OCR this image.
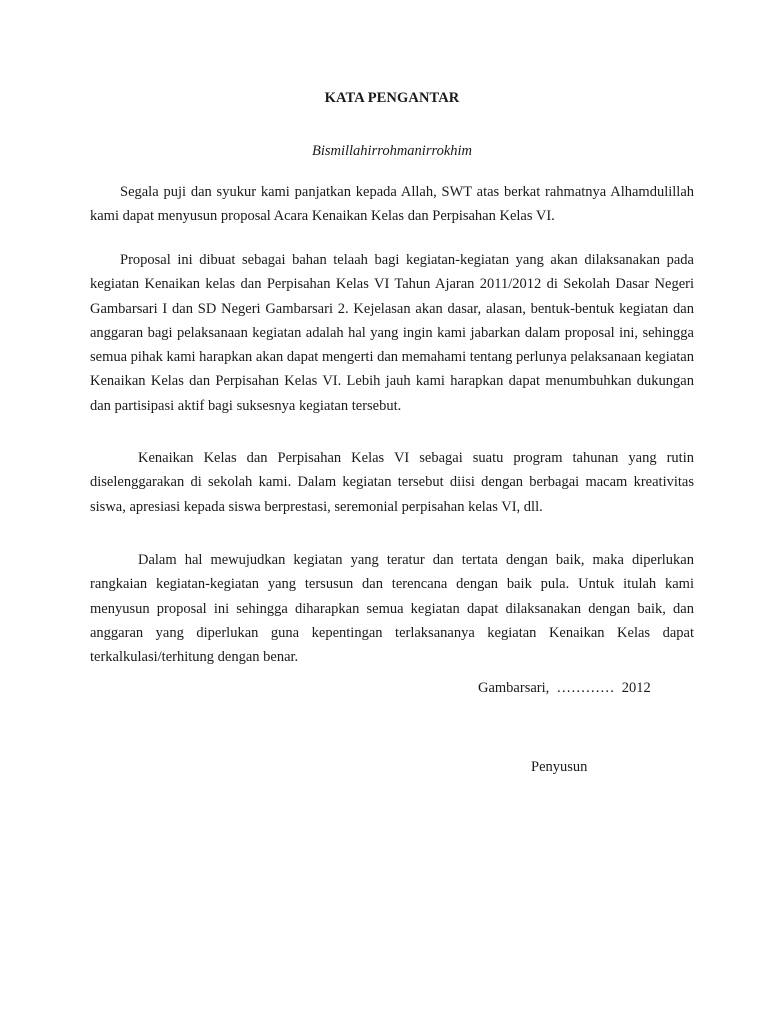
KATA PENGANTAR
Bismillahirrohmanirrokhim

Segala puji dan syukur kami panjatkan kepada Allah, SWT atas berkat rahmatnya Alhamdulillah kami dapat menyusun proposal Acara Kenaikan Kelas dan Perpisahan Kelas VI.

Proposal ini dibuat sebagai bahan telaah bagi kegiatan-kegiatan yang akan dilaksanakan pada kegiatan Kenaikan kelas dan Perpisahan Kelas VI Tahun Ajaran 2011/2012 di Sekolah Dasar Negeri Gambarsari I dan SD Negeri Gambarsari 2. Kejelasan akan dasar, alasan, bentuk-bentuk kegiatan dan anggaran bagi pelaksanaan kegiatan adalah hal yang ingin kami jabarkan dalam proposal ini, sehingga semua pihak kami harapkan akan dapat mengerti dan memahami tentang perlunya pelaksanaan kegiatan Kenaikan Kelas dan Perpisahan Kelas VI. Lebih jauh kami harapkan dapat menumbuhkan dukungan dan partisipasi aktif bagi suksesnya kegiatan tersebut.

Kenaikan Kelas dan Perpisahan Kelas VI sebagai suatu program tahunan yang rutin diselenggarakan di sekolah kami. Dalam kegiatan tersebut diisi dengan berbagai macam kreativitas siswa, apresiasi kepada siswa berprestasi, seremonial perpisahan kelas VI, dll.

Dalam hal mewujudkan kegiatan yang teratur dan tertata dengan baik, maka diperlukan rangkaian kegiatan-kegiatan yang tersusun dan terencana dengan baik pula. Untuk itulah kami menyusun proposal ini sehingga diharapkan semua kegiatan dapat dilaksanakan dengan baik, dan anggaran yang diperlukan guna kepentingan terlaksananya kegiatan Kenaikan Kelas dapat terkalkulasi/terhitung dengan benar.

Gambarsari,  …………  2012
Penyusun
